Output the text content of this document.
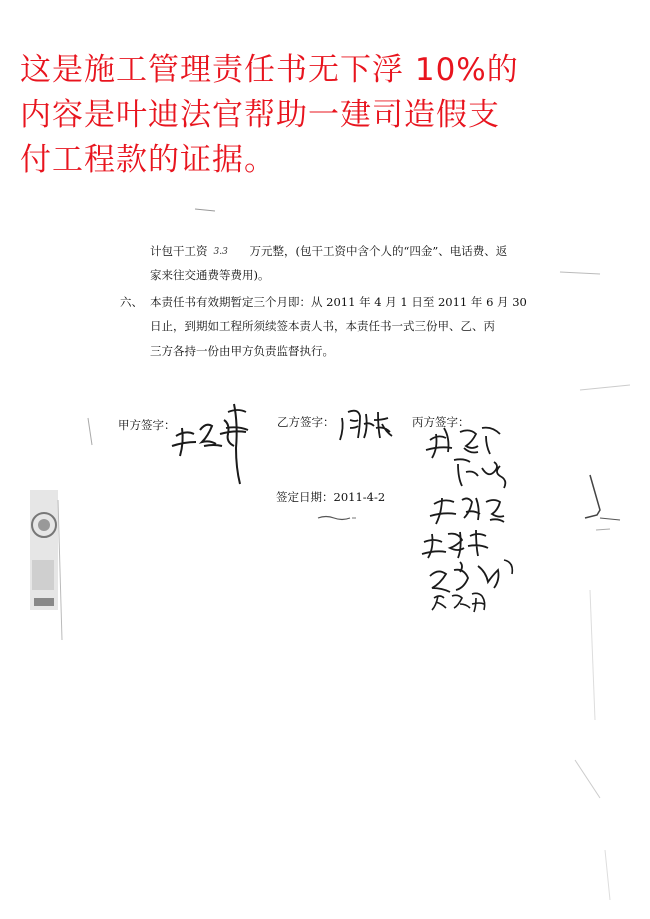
这是施工管理责任书无下浮 10%的
内容是叶迪法官帮助一建司造假支
付工程款的证据。
计包干工资 3.3 万元整，(包干工资中含个人的“四金”、电话费、返
家来往交通费等费用)。
六、 本责任书有效期暂定三个月即：从 2011 年 4 月 1 日至 2011 年 6 月 30
日止，到期如工程所须续签本责人书，本责任书一式三份甲、乙、丙
三方各持一份由甲方负责监督执行。
甲方签字：	乙方签字：	丙方签字：
签定日期：2011-4-2
